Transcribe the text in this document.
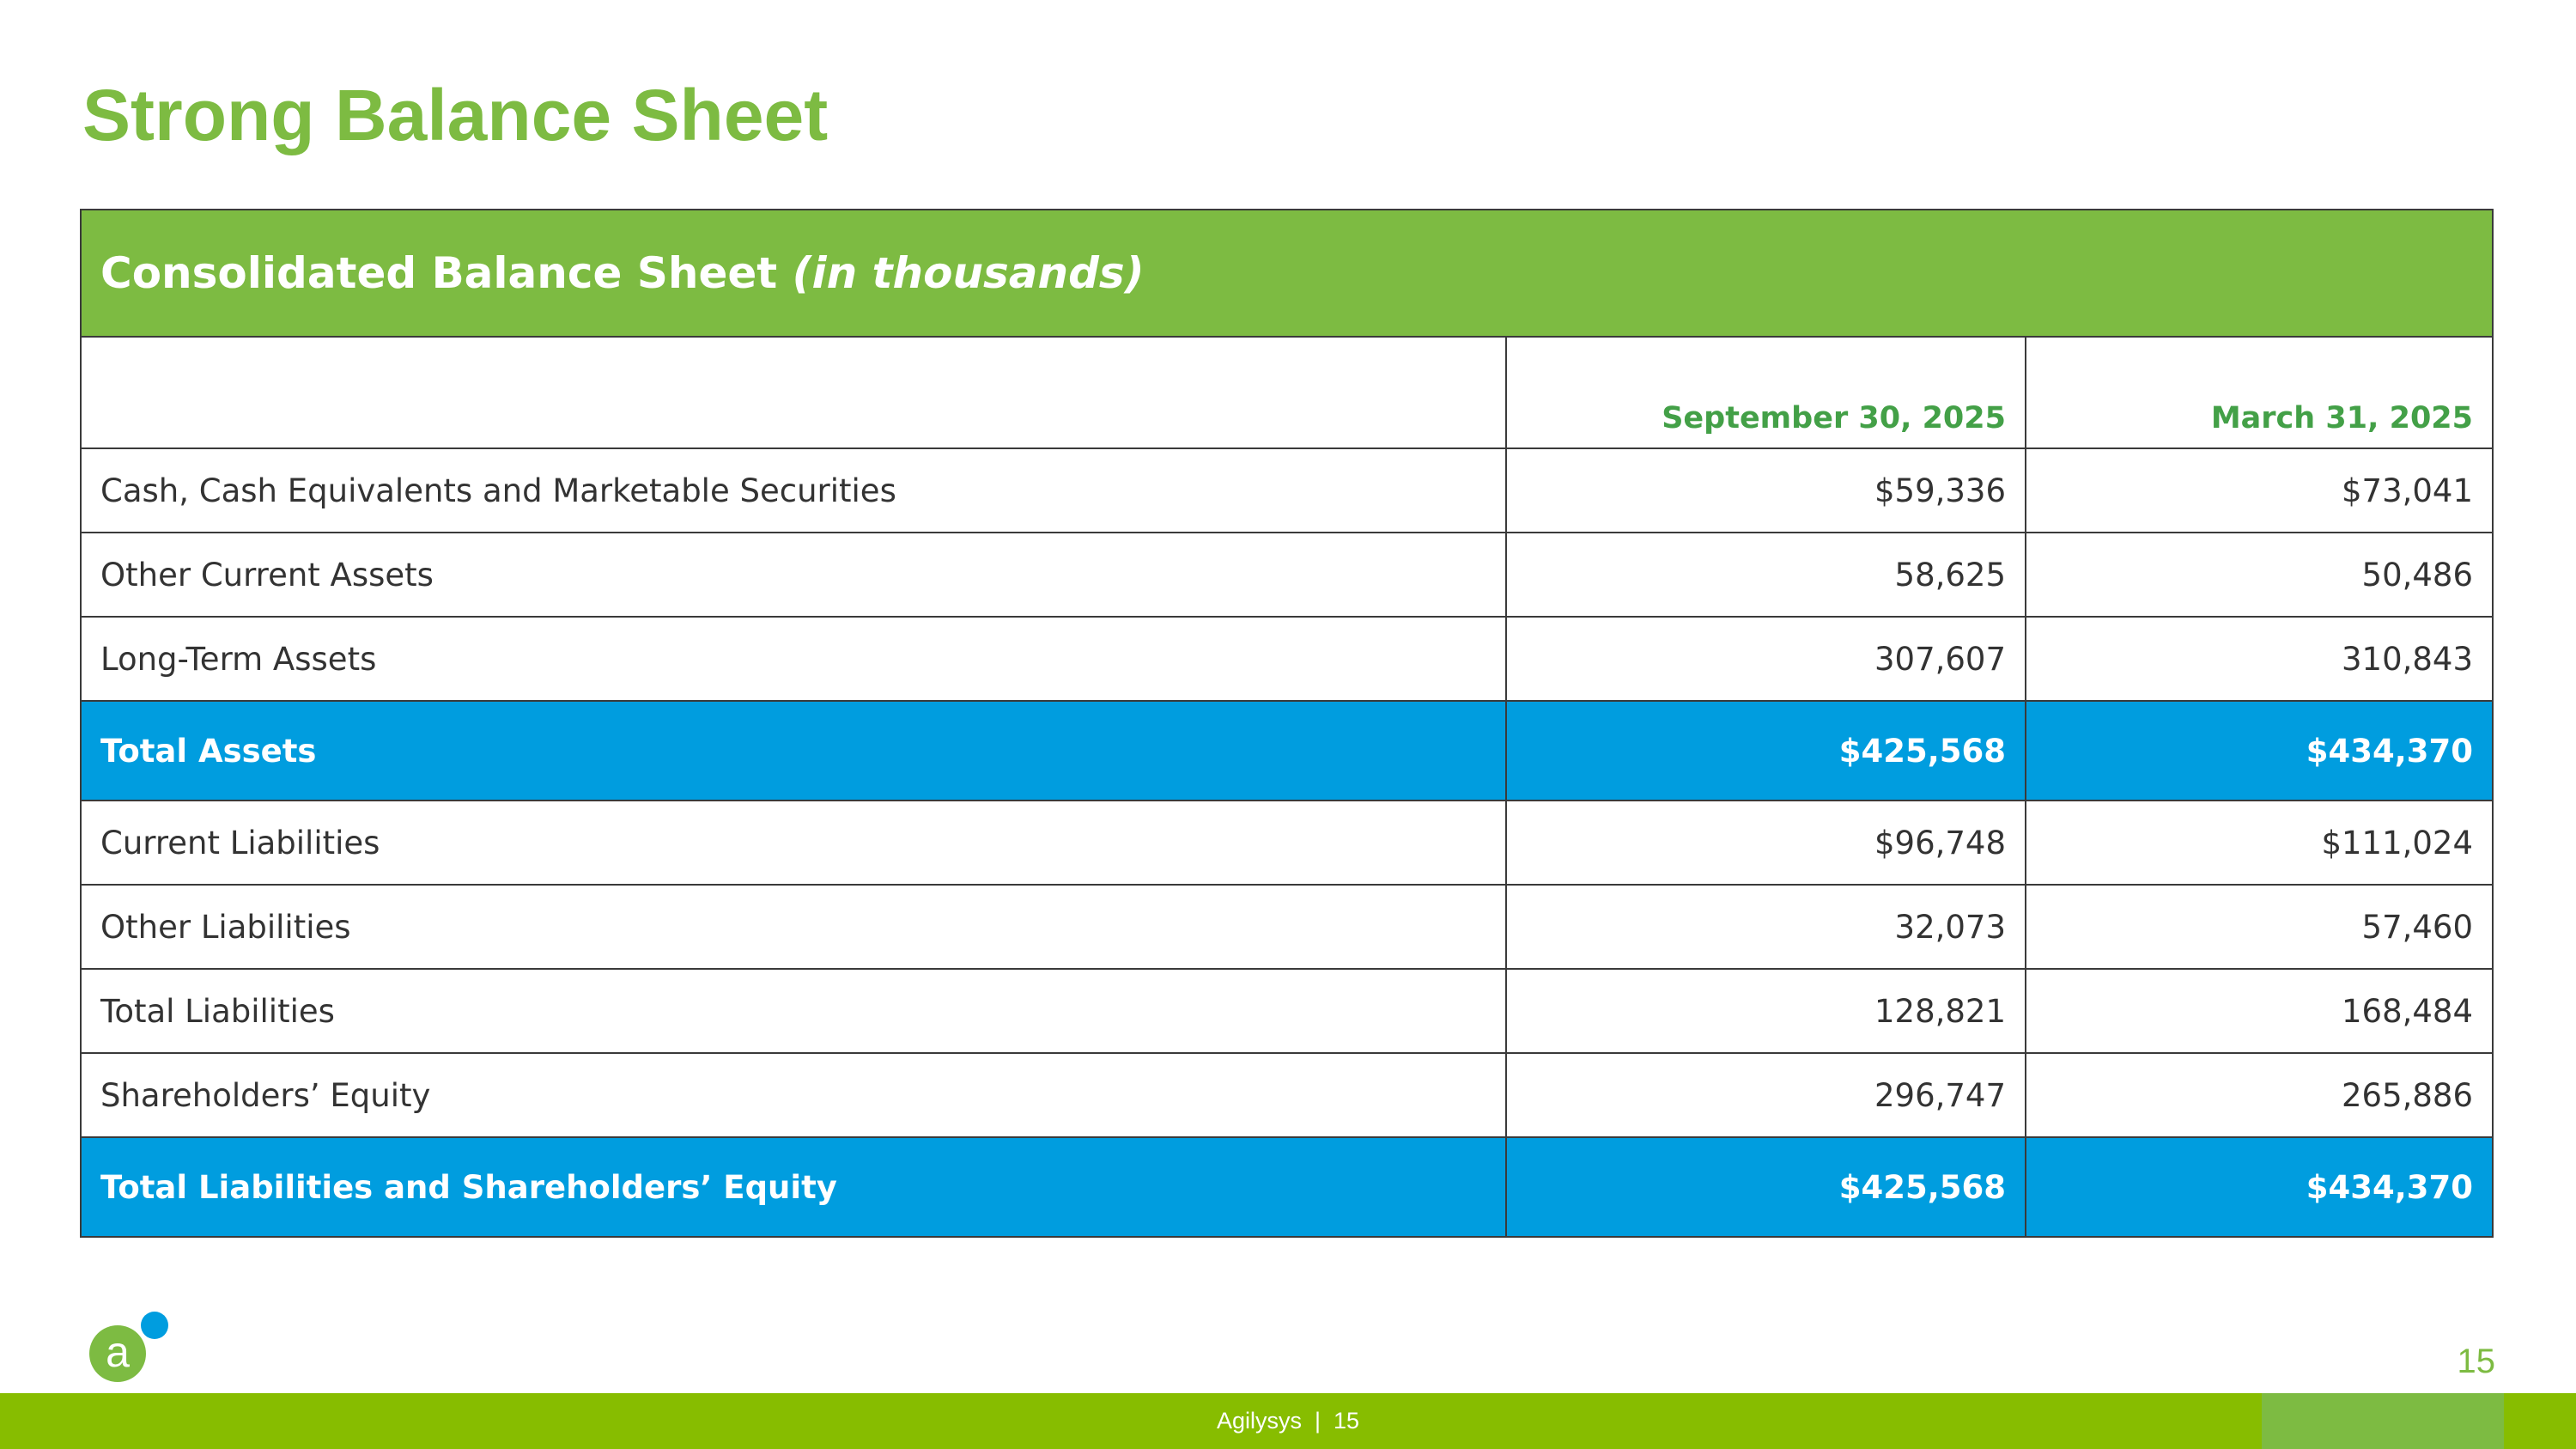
Strong Balance Sheet
Consolidated Balance Sheet (in thousands)		
	September 30, 2025	March 31, 2025
Cash, Cash Equivalents and Marketable Securities	$59,336	$73,041
Other Current Assets	58,625	50,486
Long-Term Assets	307,607	310,843
Total Assets	$425,568	$434,370
Current Liabilities	$96,748	$111,024
Other Liabilities	32,073	57,460
Total Liabilities	128,821	168,484
Shareholders’ Equity	296,747	265,886
Total Liabilities and Shareholders’ Equity	$425,568	$434,370
a	15
Agilysys  |  15
